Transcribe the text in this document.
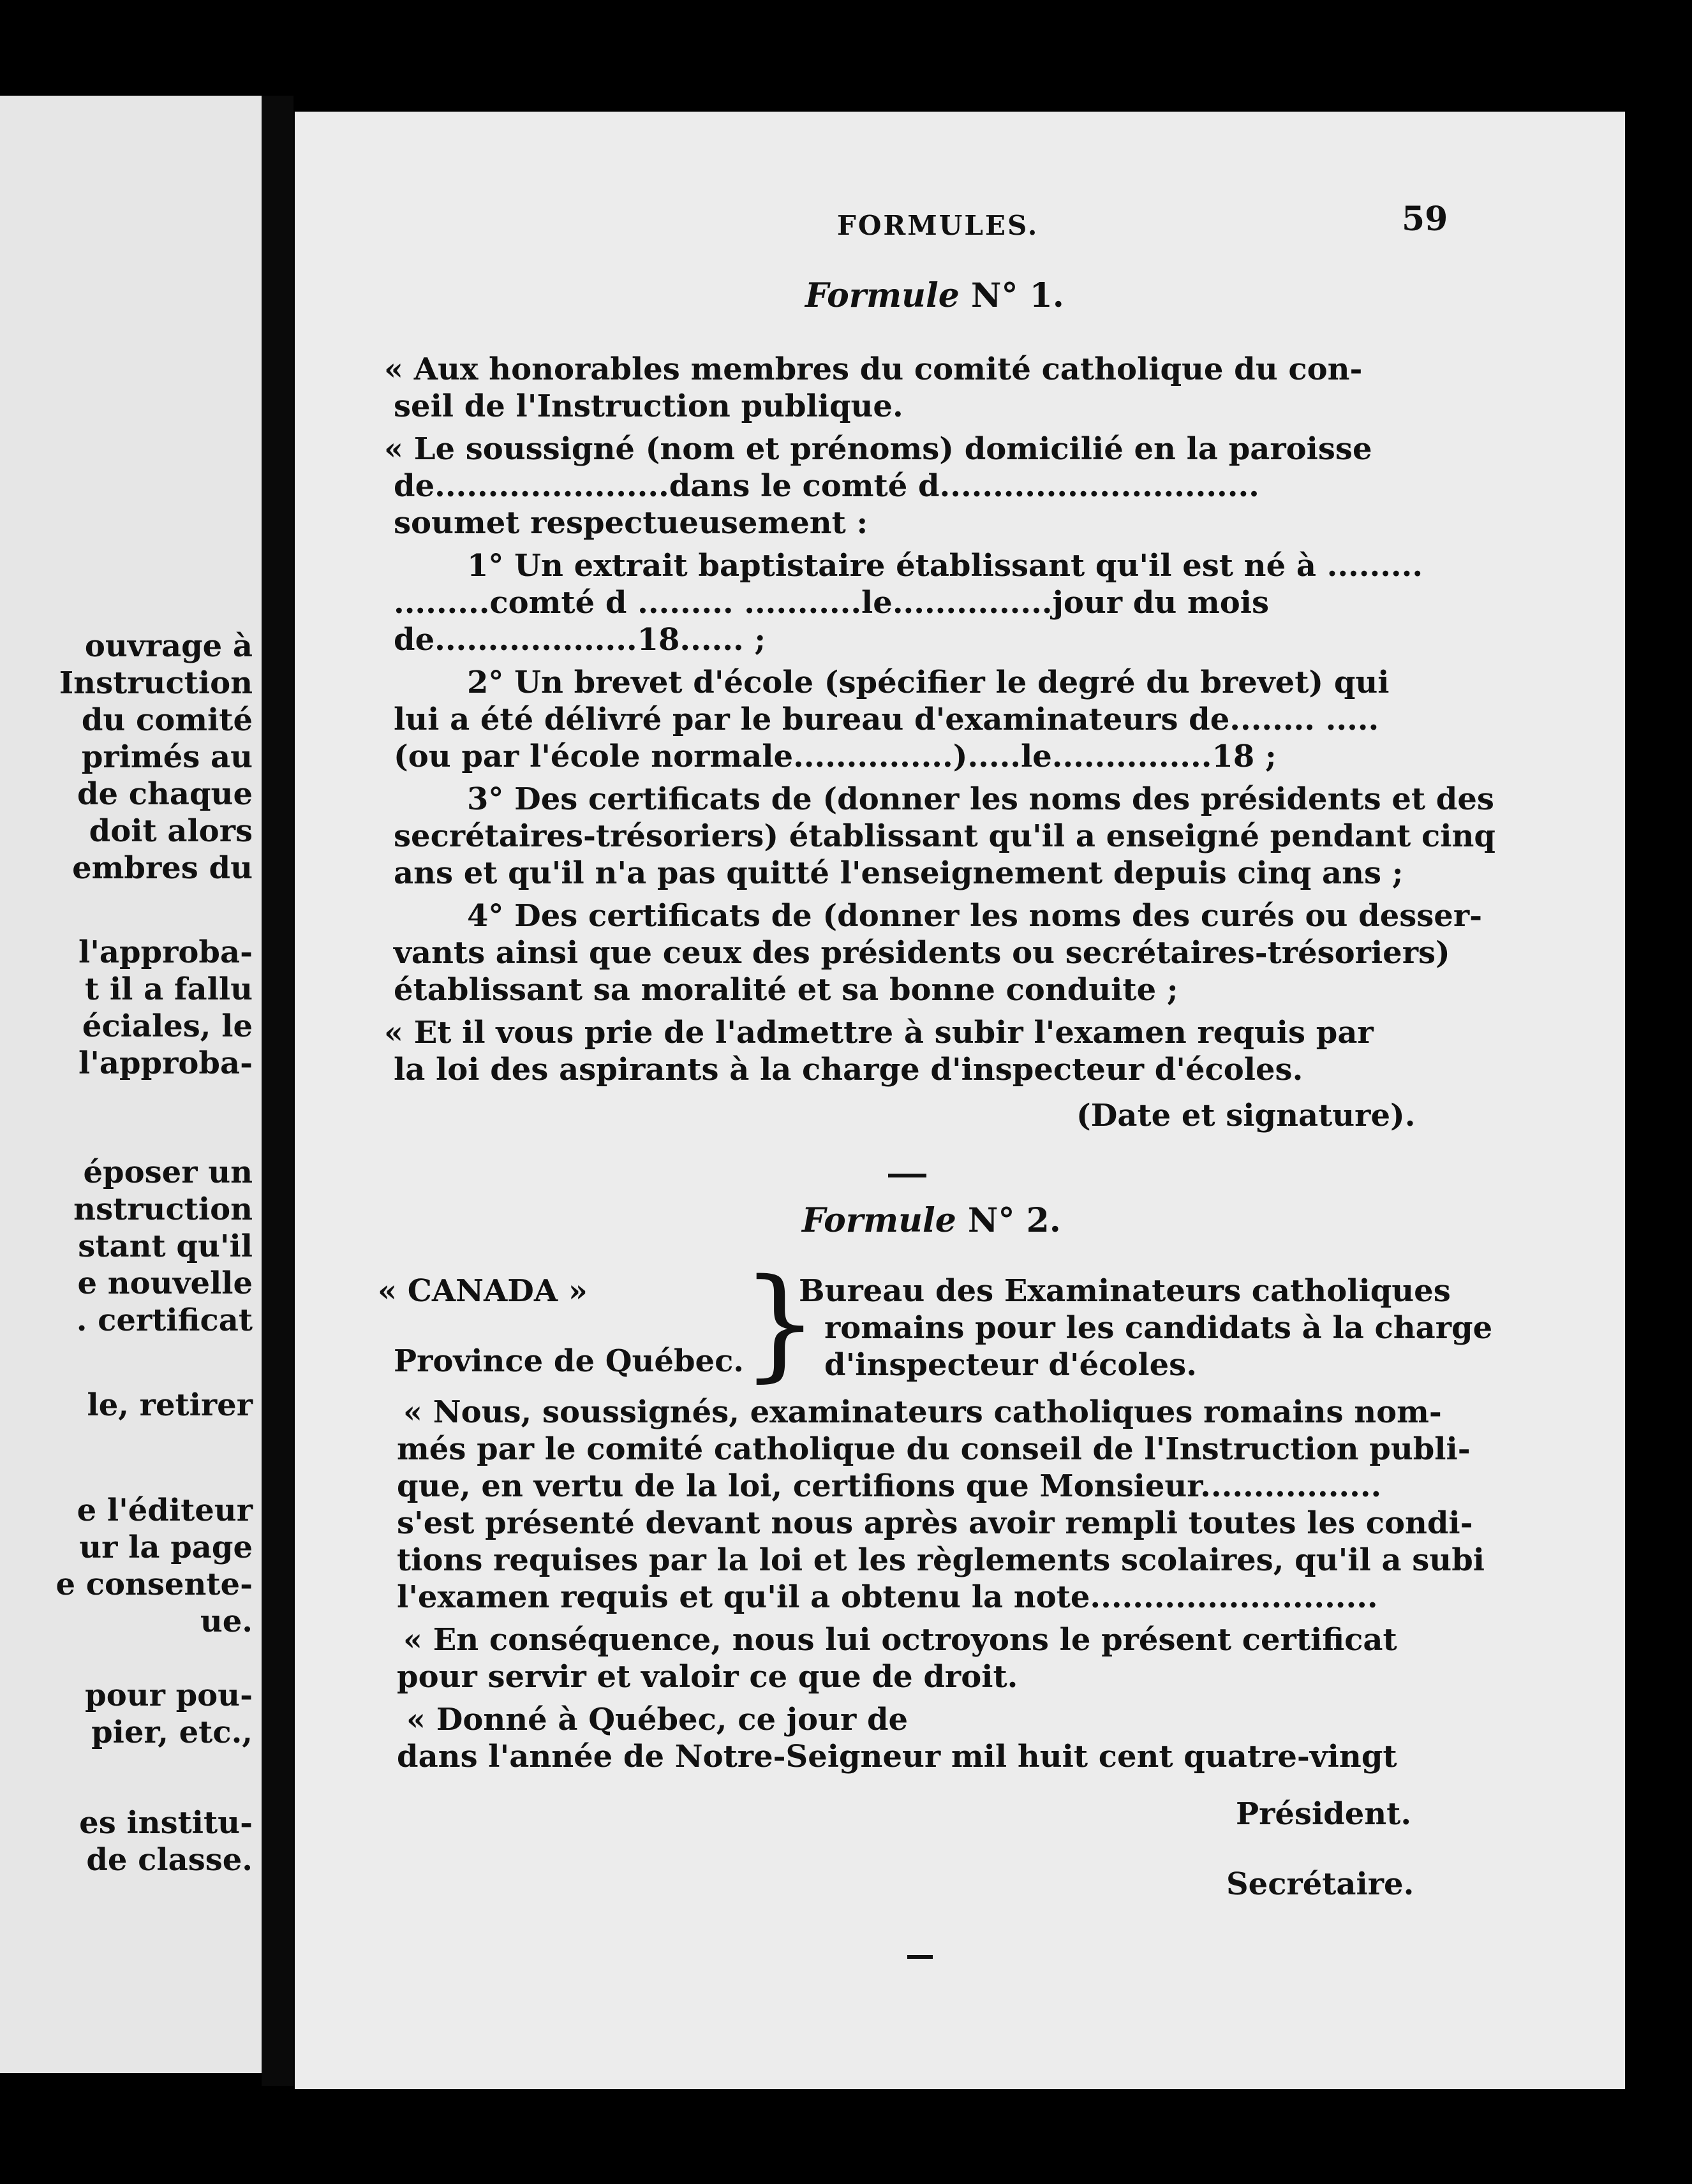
ouvrage à
Instruction
du comité
primés au
de chaque
doit alors
embres du
l'approba-
t il a fallu
éciales, le
l'approba-
époser un
nstruction
stant qu'il
e nouvelle
. certificat
le, retirer
e l'éditeur
ur la page
e consente-
ue.
pour pou-
pier, etc.,
es institu-
de classe.
FORMULES.	59
Formule N° 1.
(Date et signature).
Formule N° 2.
« CANADA »
Province de Québec.
}
Bureau des Examinateurs catholiques
romains pour les candidats à la charge
d'inspecteur d'écoles.
Président.
Secrétaire.
« Aux honorables membres du comité catholique du con-
seil de l'Instruction publique.
« Le soussigné (nom et prénoms) domicilié en la paroisse
de......................dans le comté d..............................
soumet respectueusement :
1° Un extrait baptistaire établissant qu'il est né à .........
.........comté d ......... ...........le...............jour du mois
de...................18...... ;
2° Un brevet d'école (spécifier le degré du brevet) qui
lui a été délivré par le bureau d'examinateurs de........ .....
(ou par l'école normale...............).....le...............18 ;
3° Des certificats de (donner les noms des présidents et des
secrétaires-trésoriers) établissant qu'il a enseigné pendant cinq
ans et qu'il n'a pas quitté l'enseignement depuis cinq ans ;
4° Des certificats de (donner les noms des curés ou desser-
vants ainsi que ceux des présidents ou secrétaires-trésoriers)
établissant sa moralité et sa bonne conduite ;
« Et il vous prie de l'admettre à subir l'examen requis par
la loi des aspirants à la charge d'inspecteur d'écoles.
« Nous, soussignés, examinateurs catholiques romains nom-
més par le comité catholique du conseil de l'Instruction publi-
que, en vertu de la loi, certifions que Monsieur.................
s'est présenté devant nous après avoir rempli toutes les condi-
tions requises par la loi et les règlements scolaires, qu'il a subi
l'examen requis et qu'il a obtenu la note...........................
« En conséquence, nous lui octroyons le présent certificat
pour servir et valoir ce que de droit.
« Donné à Québec, ce jour de
dans l'année de Notre-Seigneur mil huit cent quatre-vingt
